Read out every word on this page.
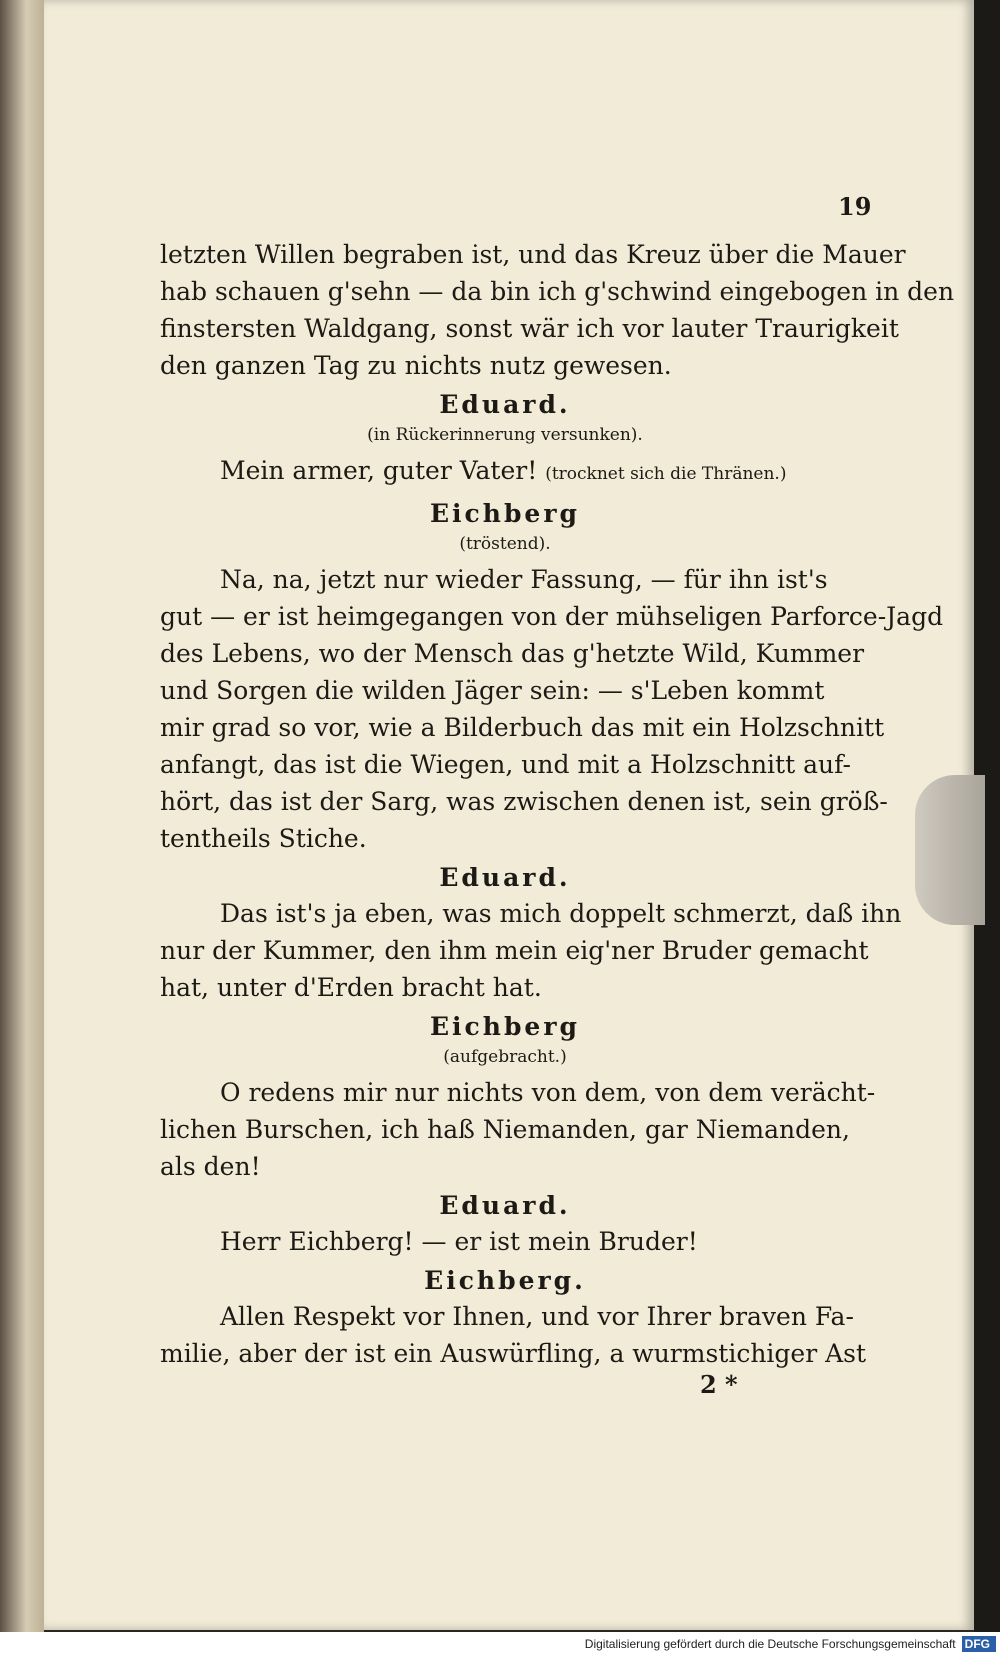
19

letzten Willen begraben ist, und das Kreuz über die Mauer

hab schauen g'sehn — da bin ich g'schwind eingebogen in den

finstersten Waldgang, sonst wär ich vor lauter Traurigkeit

den ganzen Tag zu nichts nutz gewesen.

Eduard.
(in Rückerinnerung versunken).

Mein armer, guter Vater! (trocknet sich die Thränen.)

Eichberg
(tröstend).

Na, na, jetzt nur wieder Fassung, — für ihn ist's

gut — er ist heimgegangen von der mühseligen Parforce-Jagd

des Lebens, wo der Mensch das g'hetzte Wild, Kummer

und Sorgen die wilden Jäger sein: — s'Leben kommt

mir grad so vor, wie a Bilderbuch das mit ein Holzschnitt

anfangt, das ist die Wiegen, und mit a Holzschnitt auf-

hört, das ist der Sarg, was zwischen denen ist, sein größ-

tentheils Stiche.

Eduard.

Das ist's ja eben, was mich doppelt schmerzt, daß ihn

nur der Kummer, den ihm mein eig'ner Bruder gemacht

hat, unter d'Erden bracht hat.

Eichberg
(aufgebracht.)

O redens mir nur nichts von dem, von dem verächt-

lichen Burschen, ich haß Niemanden, gar Niemanden,

als den!

Eduard.

Herr Eichberg! — er ist mein Bruder!

Eichberg.

Allen Respekt vor Ihnen, und vor Ihrer braven Fa-

milie, aber der ist ein Auswürfling, a wurmstichiger Ast

2 *
Digitalisierung gefördert durch die Deutsche Forschungsgemeinschaft DFG
